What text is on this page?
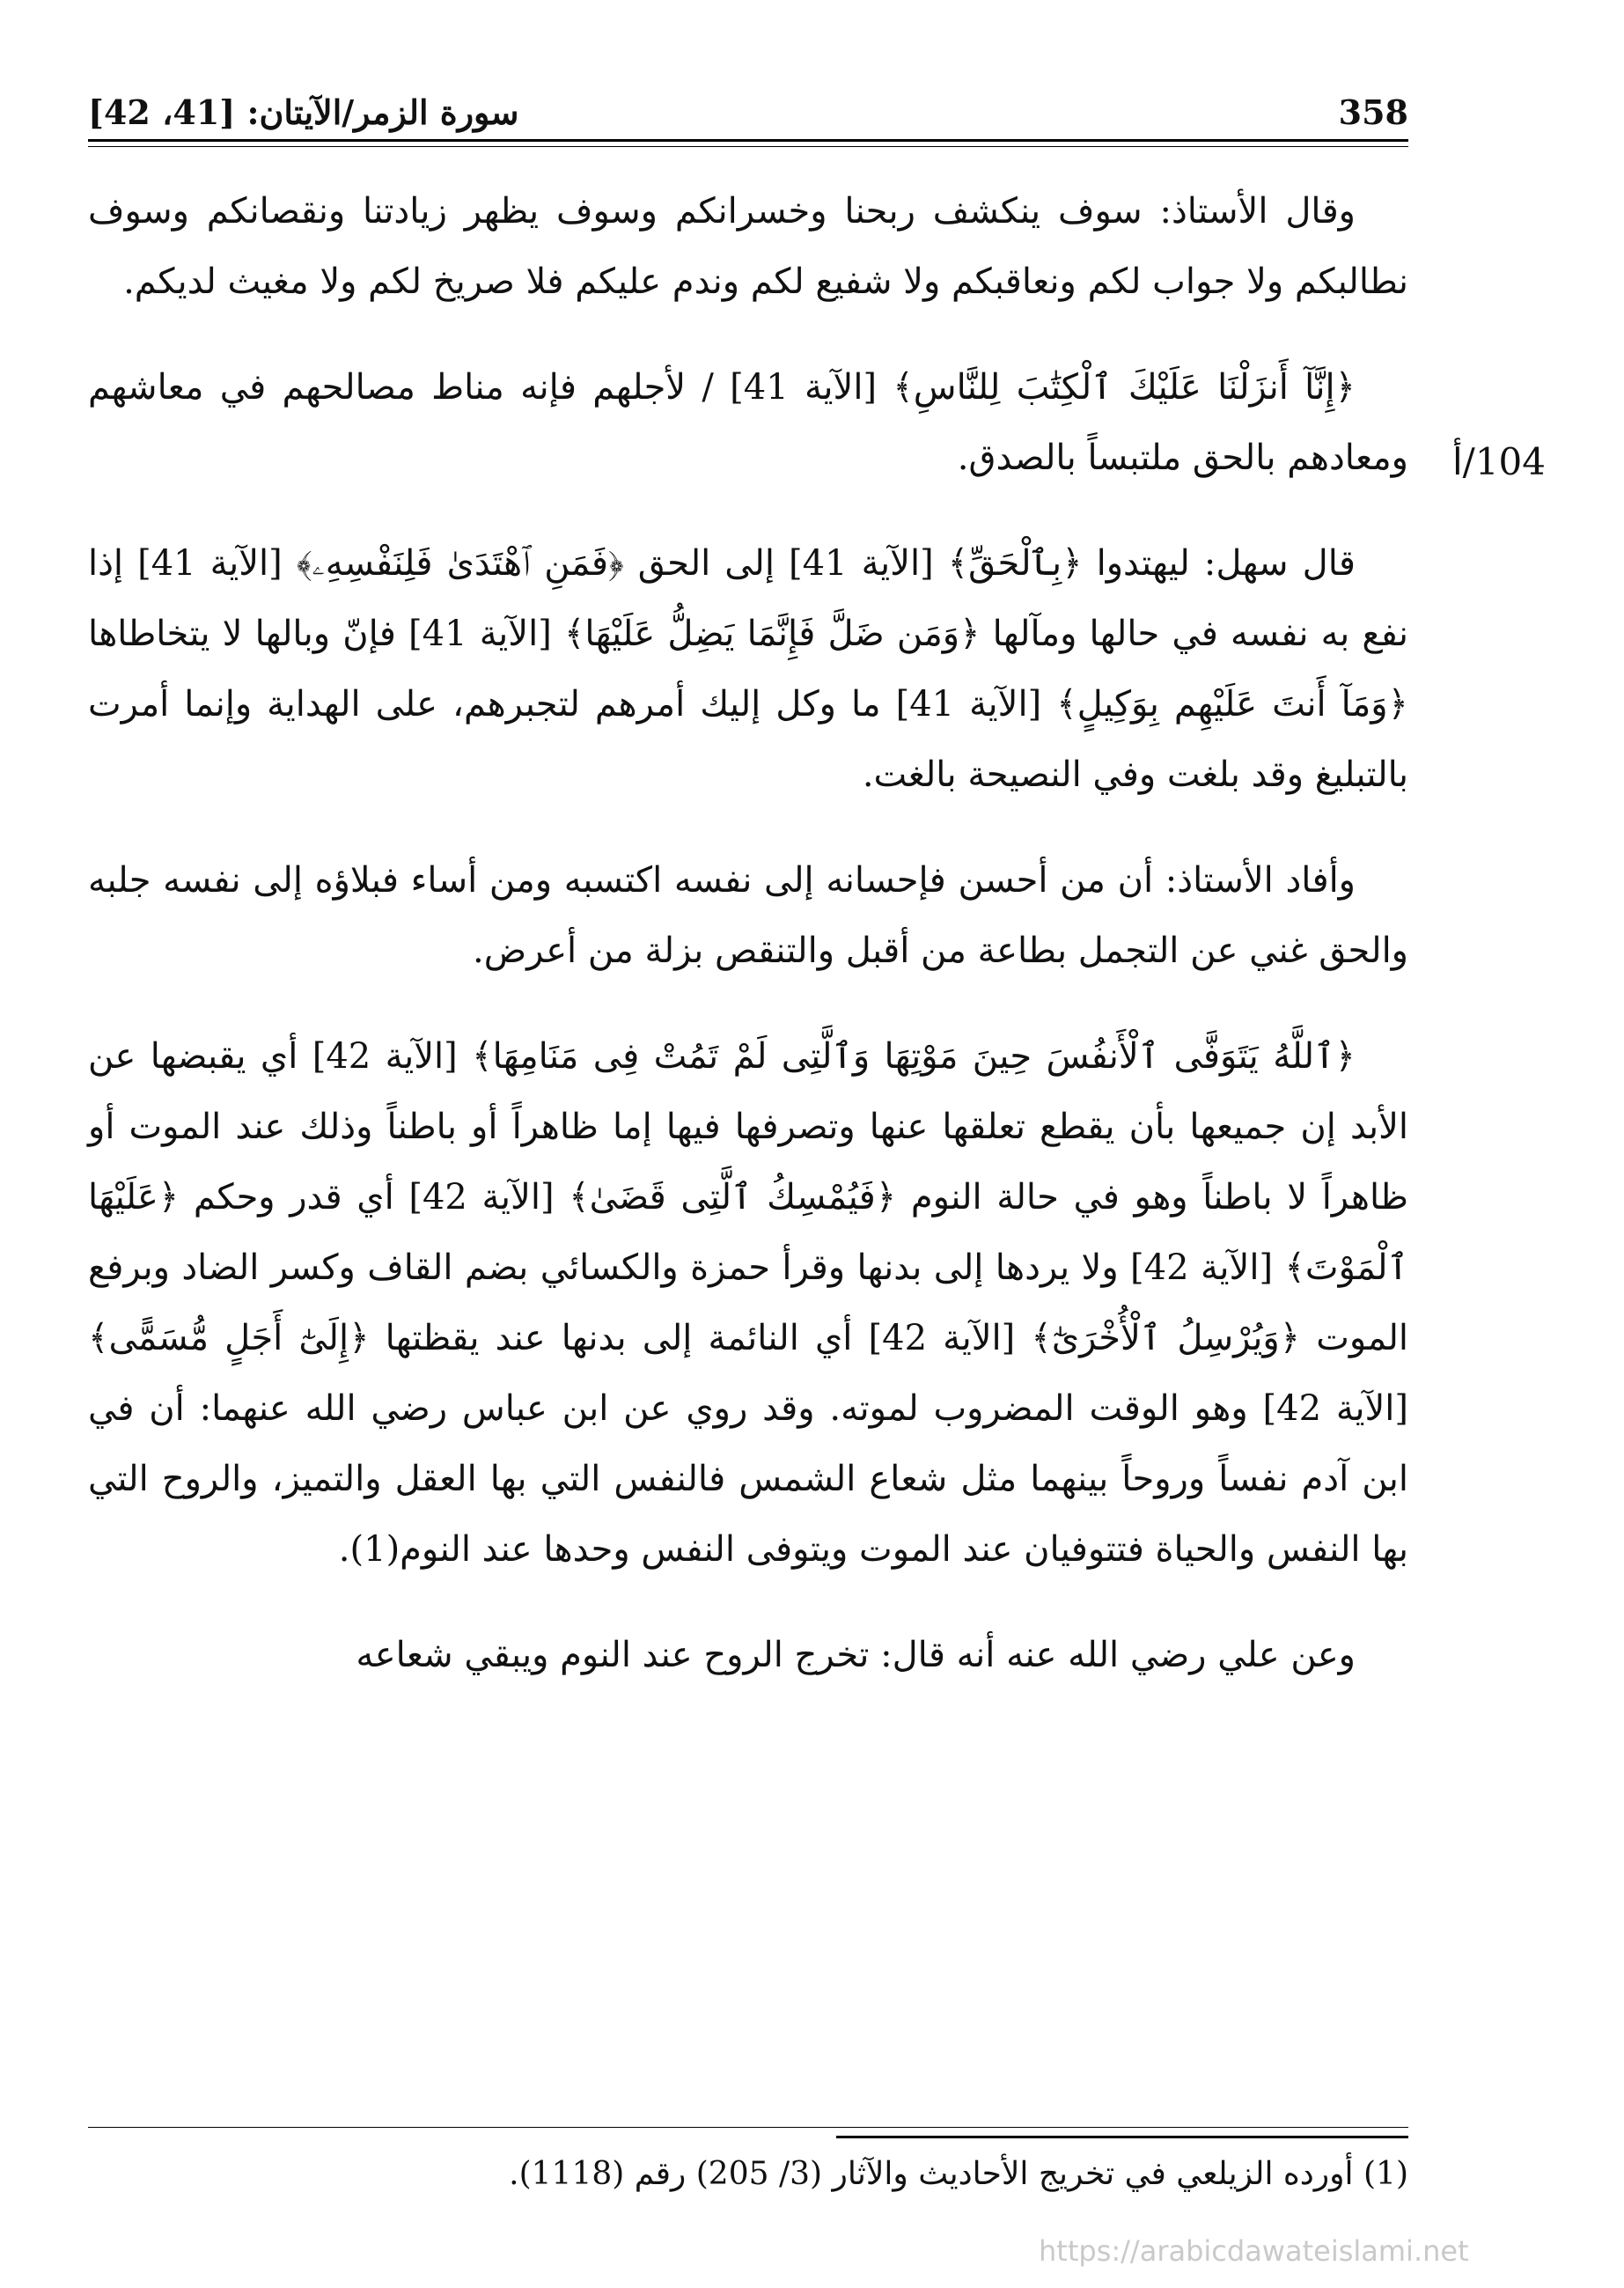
358
سورة الزمر/الآيتان: [41، 42]
104/أ

وقال الأستاذ: سوف ينكشف ربحنا وخسرانكم وسوف يظهر زيادتنا ونقصانكم وسوف نطالبكم ولا جواب لكم ونعاقبكم ولا شفيع لكم وندم عليكم فلا صريخ لكم ولا مغيث لديكم.

﴿إِنَّآ أَنزَلْنَا عَلَيْكَ ٱلْكِتَٰبَ لِلنَّاسِ﴾ [الآية 41] / لأجلهم فإنه مناط مصالحهم في معاشهم ومعادهم بالحق ملتبساً بالصدق.

قال سهل: ليهتدوا ﴿بِٱلْحَقِّ﴾ [الآية 41] إلى الحق ﴿فَمَنِ ٱهْتَدَىٰ فَلِنَفْسِهِۦ﴾ [الآية 41] إذا نفع به نفسه في حالها ومآلها ﴿وَمَن ضَلَّ فَإِنَّمَا يَضِلُّ عَلَيْهَا﴾ [الآية 41] فإنّ وبالها لا يتخاطاها ﴿وَمَآ أَنتَ عَلَيْهِم بِوَكِيلٍ﴾ [الآية 41] ما وكل إليك أمرهم لتجبرهم، على الهداية وإنما أمرت بالتبليغ وقد بلغت وفي النصيحة بالغت.

وأفاد الأستاذ: أن من أحسن فإحسانه إلى نفسه اكتسبه ومن أساء فبلاؤه إلى نفسه جلبه والحق غني عن التجمل بطاعة من أقبل والتنقص بزلة من أعرض.

﴿ٱللَّهُ يَتَوَفَّى ٱلْأَنفُسَ حِينَ مَوْتِهَا وَٱلَّتِى لَمْ تَمُتْ فِى مَنَامِهَا﴾ [الآية 42] أي يقبضها عن الأبد إن جميعها بأن يقطع تعلقها عنها وتصرفها فيها إما ظاهراً أو باطناً وذلك عند الموت أو ظاهراً لا باطناً وهو في حالة النوم ﴿فَيُمْسِكُ ٱلَّتِى قَضَىٰ﴾ [الآية 42] أي قدر وحكم ﴿عَلَيْهَا ٱلْمَوْتَ﴾ [الآية 42] ولا يردها إلى بدنها وقرأ حمزة والكسائي بضم القاف وكسر الضاد وبرفع الموت ﴿وَيُرْسِلُ ٱلْأُخْرَىٰٓ﴾ [الآية 42] أي النائمة إلى بدنها عند يقظتها ﴿إِلَىٰٓ أَجَلٍ مُّسَمًّى﴾ [الآية 42] وهو الوقت المضروب لموته. وقد روي عن ابن عباس رضي الله عنهما: أن في ابن آدم نفساً وروحاً بينهما مثل شعاع الشمس فالنفس التي بها العقل والتميز، والروح التي بها النفس والحياة فتتوفيان عند الموت ويتوفى النفس وحدها عند النوم(1).

وعن علي رضي الله عنه أنه قال: تخرج الروح عند النوم ويبقي شعاعه

(1) أورده الزيلعي في تخريج الأحاديث والآثار (3/ 205) رقم (1118).
https://arabicdawateislami.net
